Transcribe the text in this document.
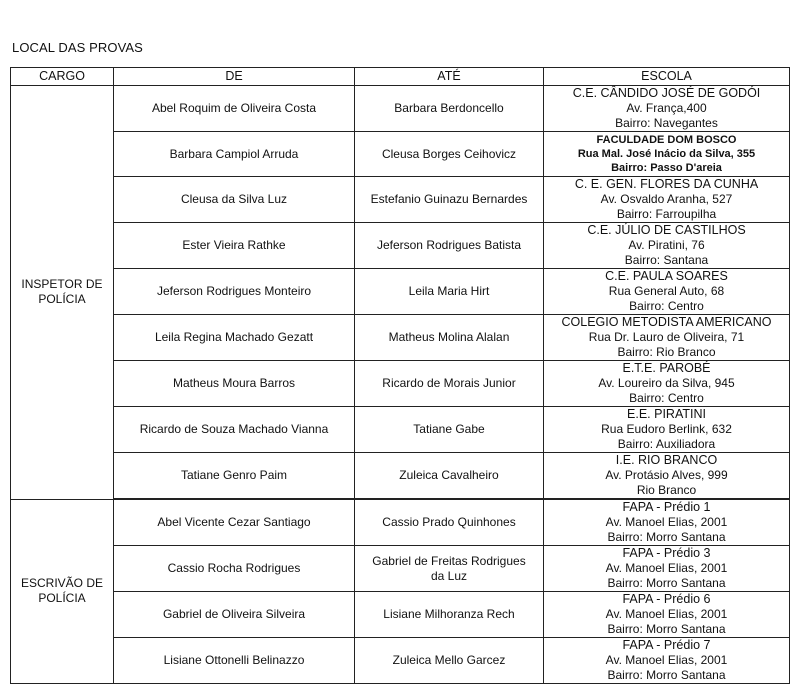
LOCAL DAS PROVAS
CARGO	DE	ATÉ	ESCOLA
INSPETOR DE POLÍCIA	Abel Roquim de Oliveira Costa	Barbara Berdoncello	C.E. CÂNDIDO JOSÉ DE GODÓI
Av. França,400
Bairro: Navegantes

	Barbara Campiol Arruda	Cleusa Borges Ceihovicz	FACULDADE DOM BOSCO
Rua Mal. José Inácio da Silva, 355
Bairro: Passo D'areia

	Cleusa da Silva Luz	Estefanio Guinazu Bernardes	C. E. GEN. FLORES DA CUNHA
Av. Osvaldo Aranha, 527
Bairro: Farroupilha

	Ester Vieira Rathke	Jeferson Rodrigues Batista	C.E. JÚLIO DE CASTILHOS
Av. Piratini, 76
Bairro: Santana

	Jeferson Rodrigues Monteiro	Leila Maria Hirt	C.E. PAULA SOARES
Rua General Auto, 68
Bairro: Centro

	Leila Regina Machado Gezatt	Matheus Molina Alalan	COLEGIO METODISTA AMERICANO
Rua Dr. Lauro de Oliveira, 71
Bairro: Rio Branco

	Matheus Moura Barros	Ricardo de Morais Junior	E.T.E. PAROBÉ
Av. Loureiro da Silva, 945
Bairro: Centro

	Ricardo de Souza Machado Vianna	Tatiane Gabe	E.E. PIRATINI
Rua Eudoro Berlink, 632
Bairro: Auxiliadora

	Tatiane Genro Paim	Zuleica Cavalheiro	I.E. RIO BRANCO
Av. Protásio Alves, 999
Rio Branco

ESCRIVÃO DE POLÍCIA	Abel Vicente Cezar Santiago	Cassio Prado Quinhones	FAPA - Prédio 1
Av. Manoel Elias, 2001
Bairro: Morro Santana

	Cassio Rocha Rodrigues	Gabriel de Freitas Rodrigues da Luz	FAPA - Prédio 3
Av. Manoel Elias, 2001
Bairro: Morro Santana

	Gabriel de Oliveira Silveira	Lisiane Milhoranza Rech	FAPA - Prédio 6
Av. Manoel Elias, 2001
Bairro: Morro Santana

	Lisiane Ottonelli Belinazzo	Zuleica Mello Garcez	FAPA - Prédio 7
Av. Manoel Elias, 2001
Bairro: Morro Santana
